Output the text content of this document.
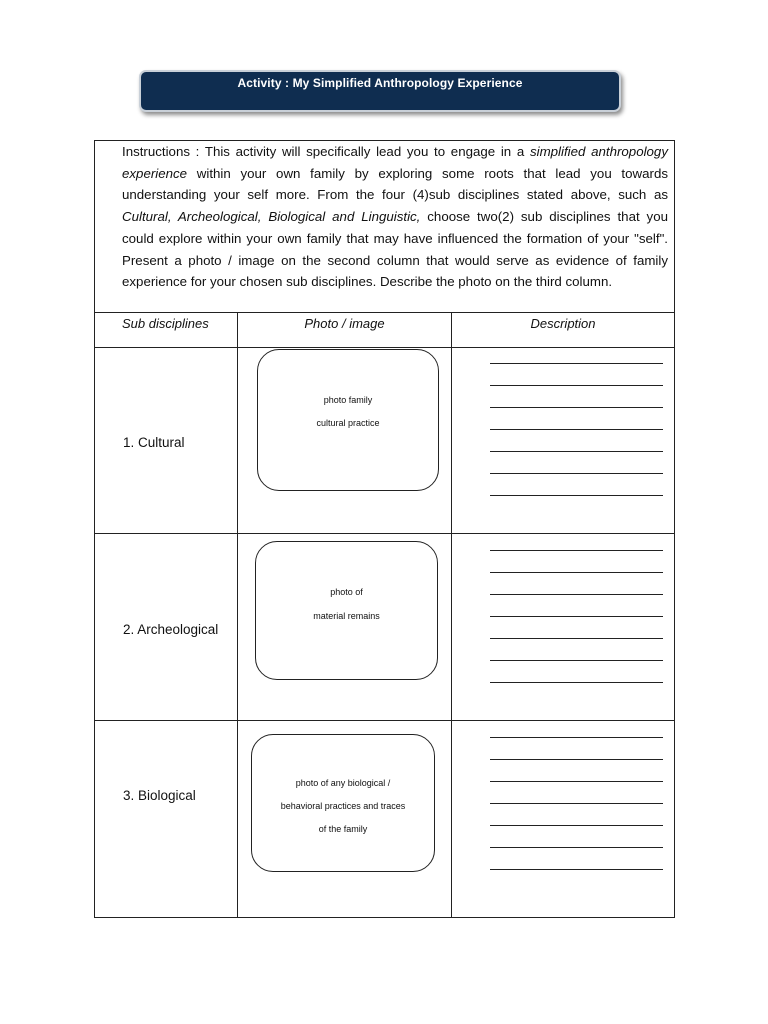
Activity : My Simplified Anthropology Experience
Instructions : This activity will specifically lead you to engage in a simplified anthropology experience within your own family by exploring some roots that lead you towards understanding your self more. From the four (4)sub disciplines stated above, such as Cultural, Archeological, Biological and Linguistic, choose two(2) sub disciplines that you could explore within your own family that may have influenced the formation of your "self". Present a photo / image on the second column that would serve as evidence of family experience for your chosen sub disciplines. Describe the photo on the third column.
Sub disciplines	Photo / image	Description
1. Cultural
photo family
cultural practice
2. Archeological
photo of
material remains
3. Biological
photo of any biological /
behavioral practices and traces
of the family
